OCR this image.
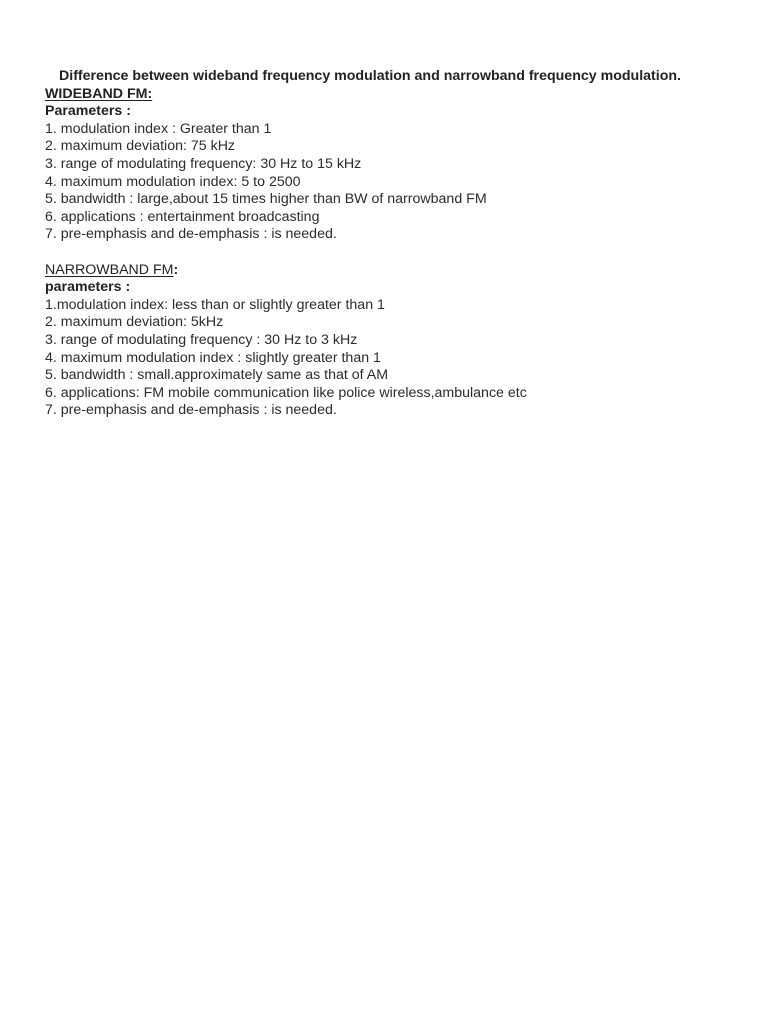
Difference between wideband frequency modulation and narrowband frequency modulation.
WIDEBAND FM:
Parameters :
1. modulation index : Greater than 1
2. maximum deviation: 75 kHz
3. range of modulating frequency: 30 Hz to 15 kHz
4. maximum modulation index: 5 to 2500
5. bandwidth : large,about 15 times higher than BW of narrowband FM
6. applications : entertainment broadcasting
7. pre-emphasis and de-emphasis : is needed.
NARROWBAND FM:
parameters :
1.modulation index: less than or slightly greater than 1
2. maximum deviation: 5kHz
3. range of modulating frequency : 30 Hz to 3 kHz
4. maximum modulation index : slightly greater than 1
5. bandwidth : small.approximately same as that of AM
6. applications: FM mobile communication like police wireless,ambulance etc
7. pre-emphasis and de-emphasis : is needed.
